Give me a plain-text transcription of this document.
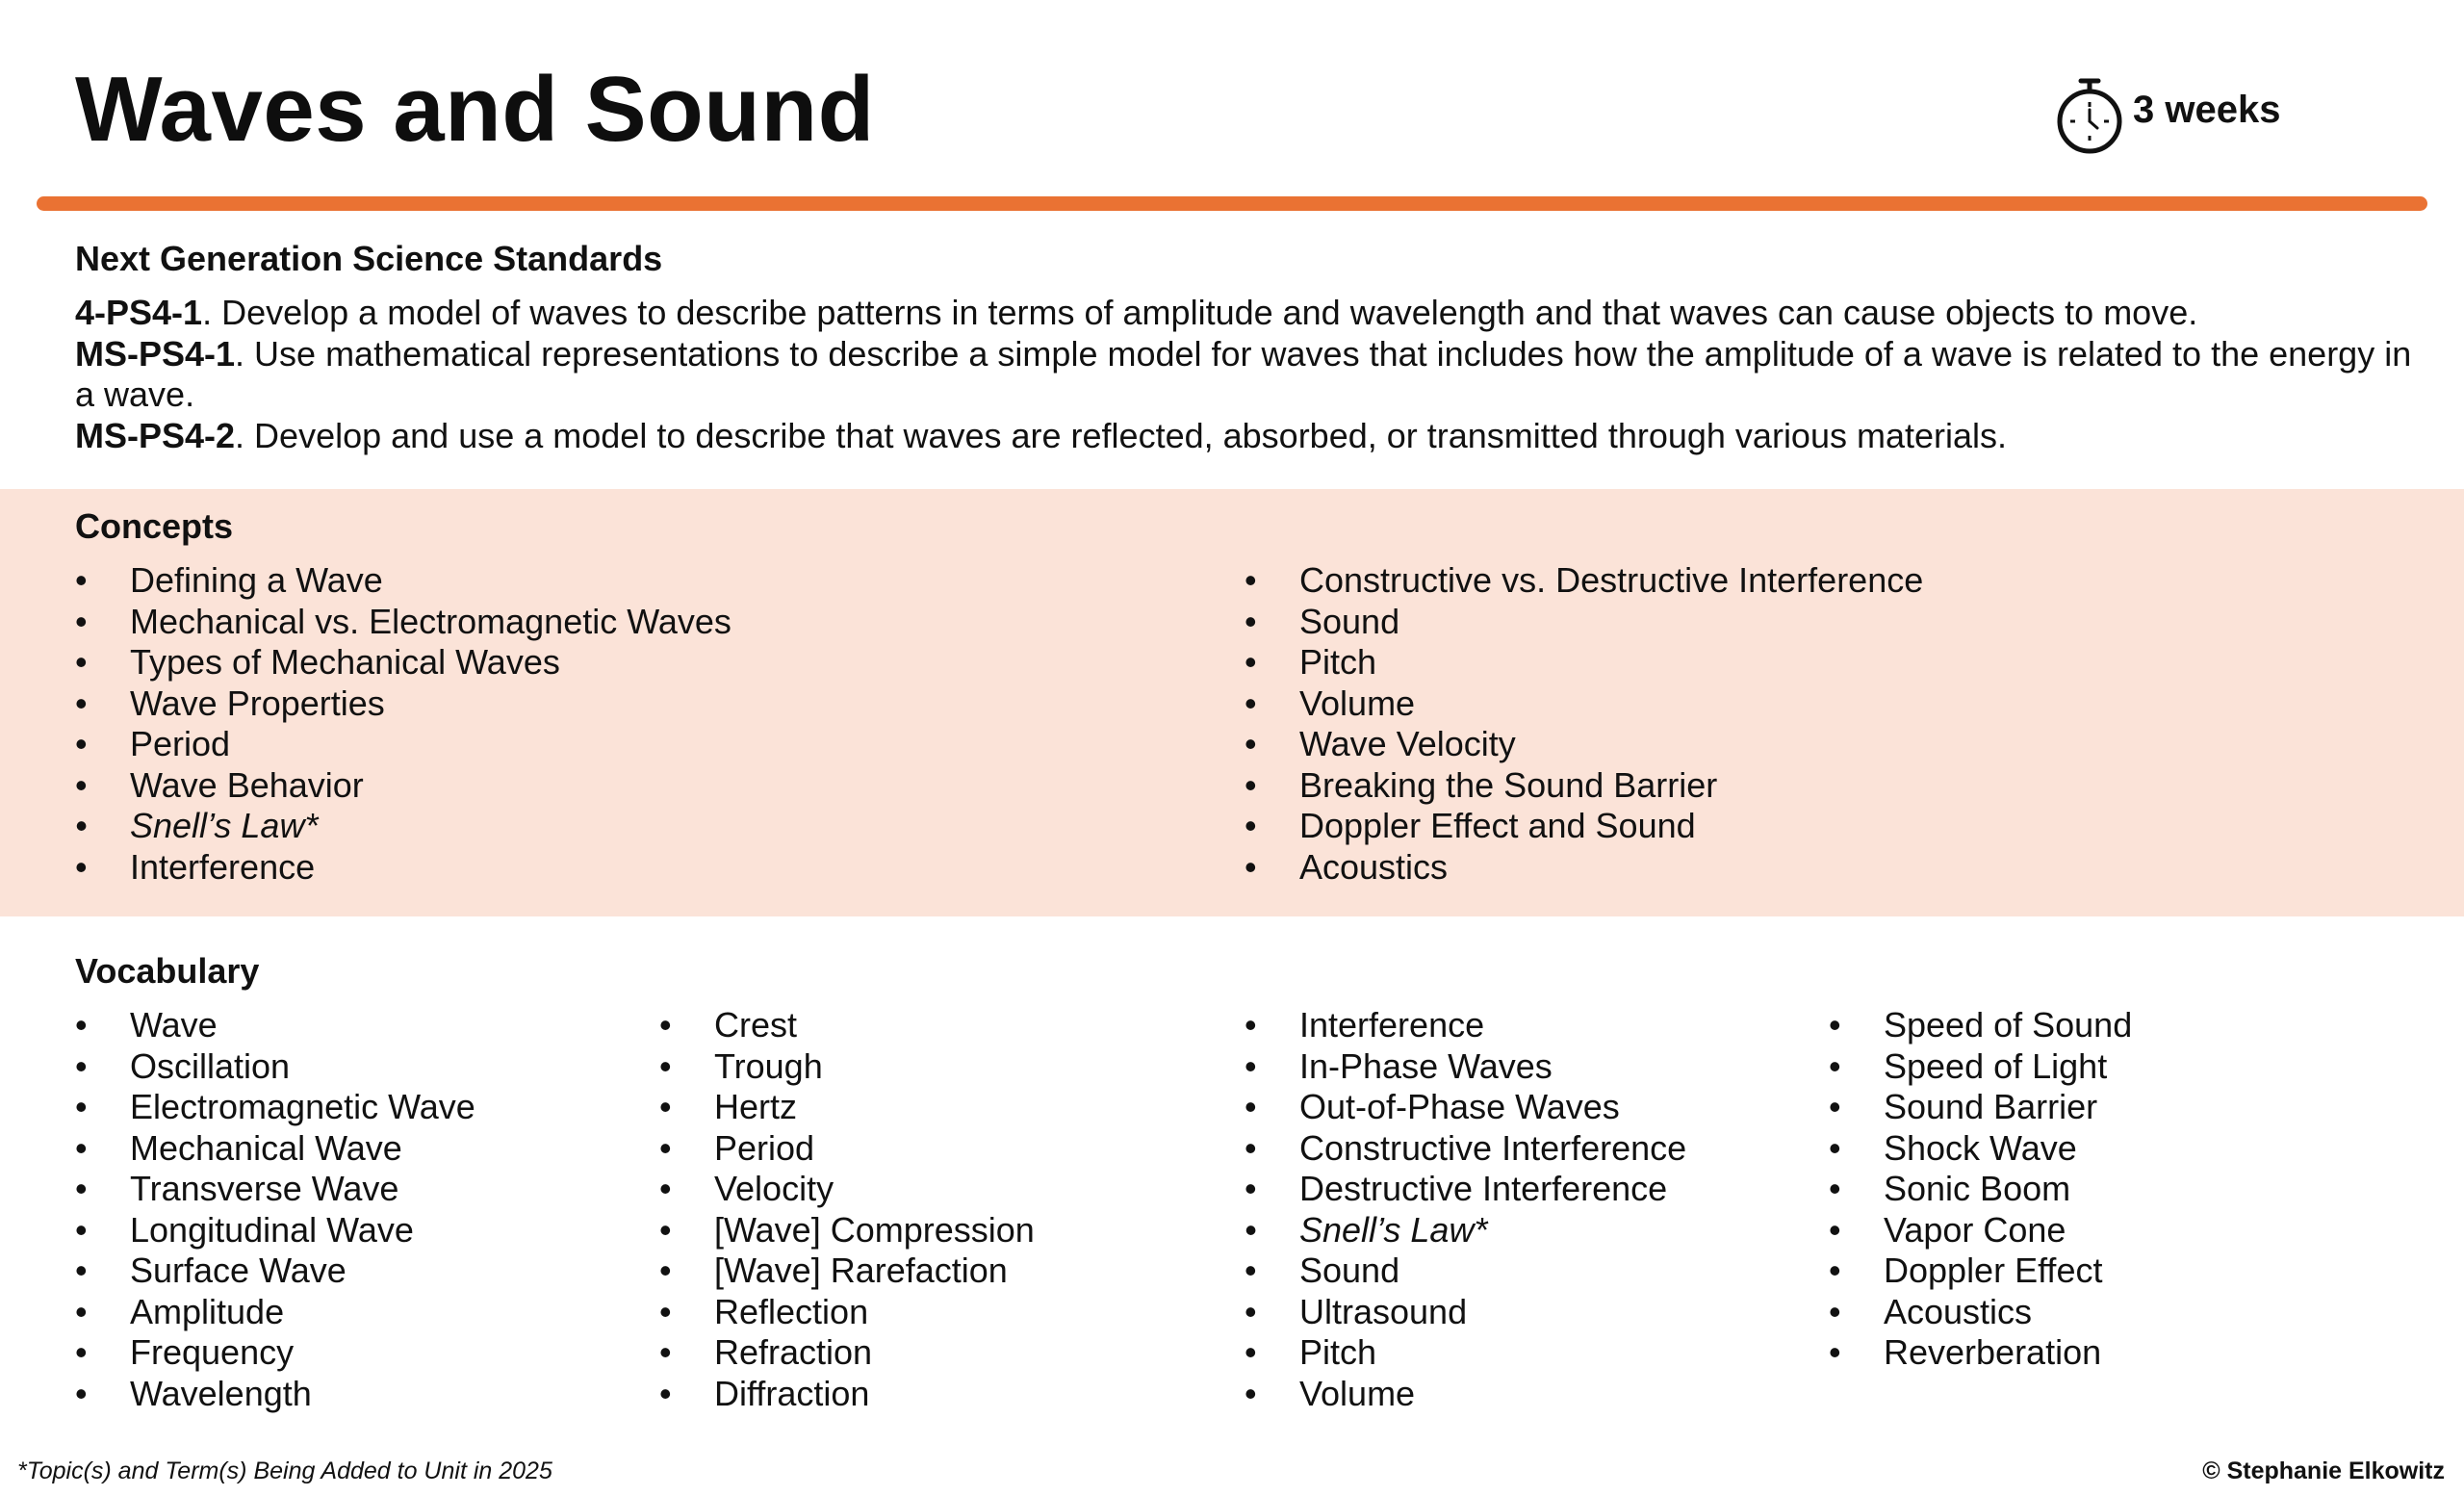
Waves and Sound	3 weeks
Next Generation Science Standards

4-PS4-1. Develop a model of waves to describe patterns in terms of amplitude and wavelength and that waves can cause objects to move.

MS-PS4-1. Use mathematical representations to describe a simple model for waves that includes how the amplitude of a wave is related to the energy in a wave.

MS-PS4-2. Develop and use a model to describe that waves are reflected, absorbed, or transmitted through various materials.

Concepts
• Defining a Wave
• Mechanical vs. Electromagnetic Waves
• Types of Mechanical Waves
• Wave Properties
• Period
• Wave Behavior
• Snell’s Law*
• Interference
• Constructive vs. Destructive Interference
• Sound
• Pitch
• Volume
• Wave Velocity
• Breaking the Sound Barrier
• Doppler Effect and Sound
• Acoustics
Vocabulary
• Wave
• Oscillation
• Electromagnetic Wave
• Mechanical Wave
• Transverse Wave
• Longitudinal Wave
• Surface Wave
• Amplitude
• Frequency
• Wavelength
• Crest
• Trough
• Hertz
• Period
• Velocity
• [Wave] Compression
• [Wave] Rarefaction
• Reflection
• Refraction
• Diffraction
• Interference
• In-Phase Waves
• Out-of-Phase Waves
• Constructive Interference
• Destructive Interference
• Snell’s Law*
• Sound
• Ultrasound
• Pitch
• Volume
• Speed of Sound
• Speed of Light
• Sound Barrier
• Shock Wave
• Sonic Boom
• Vapor Cone
• Doppler Effect
• Acoustics
• Reverberation
*Topic(s) and Term(s) Being Added to Unit in 2025	© Stephanie Elkowitz
